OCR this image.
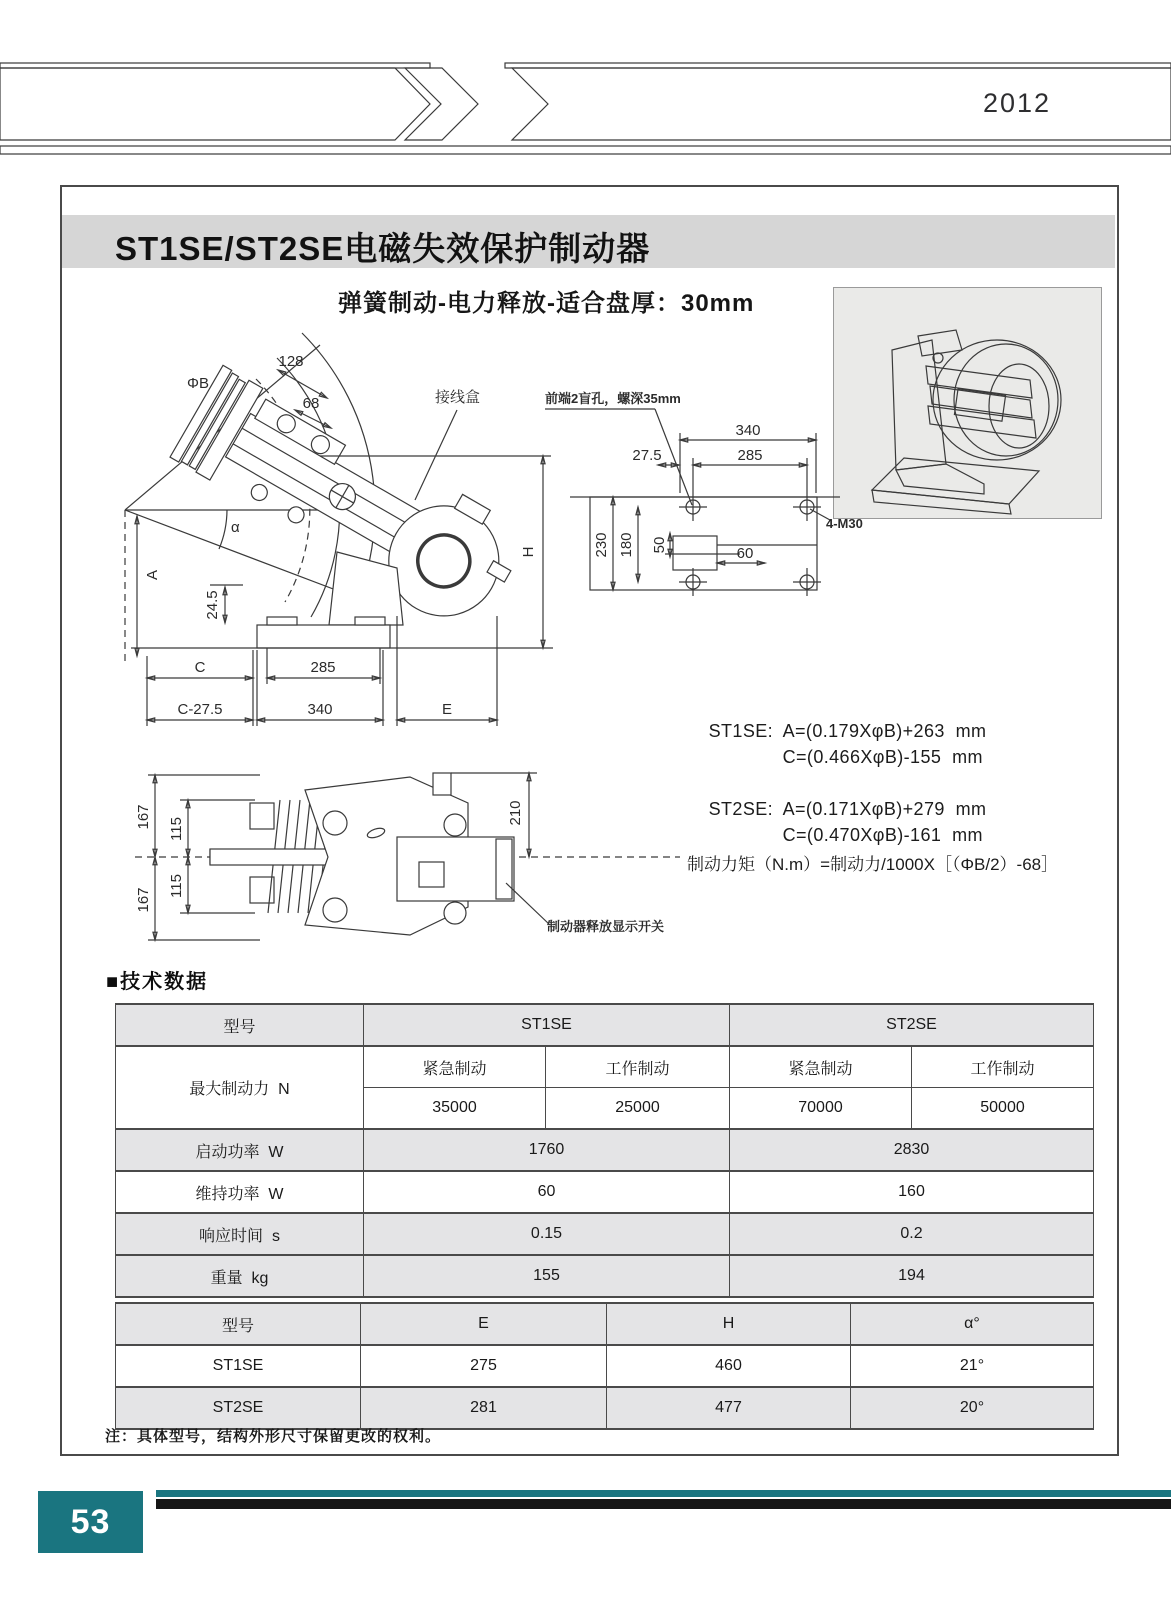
盘式制动器	2012
ST1SE/ST2SE电磁失效保护制动器
弹簧制动-电力释放-适合盘厚：30mm
ΦB
128
68
α
A
24.5
接线盒
H
C	285
C-27.5	340	E
前端2盲孔，螺深35mm
340
285
27.5
230 180 50	60
4-M30
167
167
115
115
210
制动器释放显示开关

ST1SE: A=(0.179XφB)+263  mm
C=(0.466XφB)-155  mm

ST2SE: A=(0.171XφB)+279  mm
C=(0.470XφB)-161  mm

制动力矩（N.m）=制动力/1000X［（ΦB/2）-68］
■技术数据
型号	ST1SE		ST2SE	
最大制动力  N	紧急制动	工作制动	紧急制动	工作制动
	35000	25000	70000	50000
启动功率  W	1760		2830	
维持功率  W	60		160	
响应时间  s	0.15		0.2	
重量  kg	155		194	
型号	E	H	α°
ST1SE	275	460	21°
ST2SE	281	477	20°
注：具体型号，结构外形尺寸保留更改的权利。
53
